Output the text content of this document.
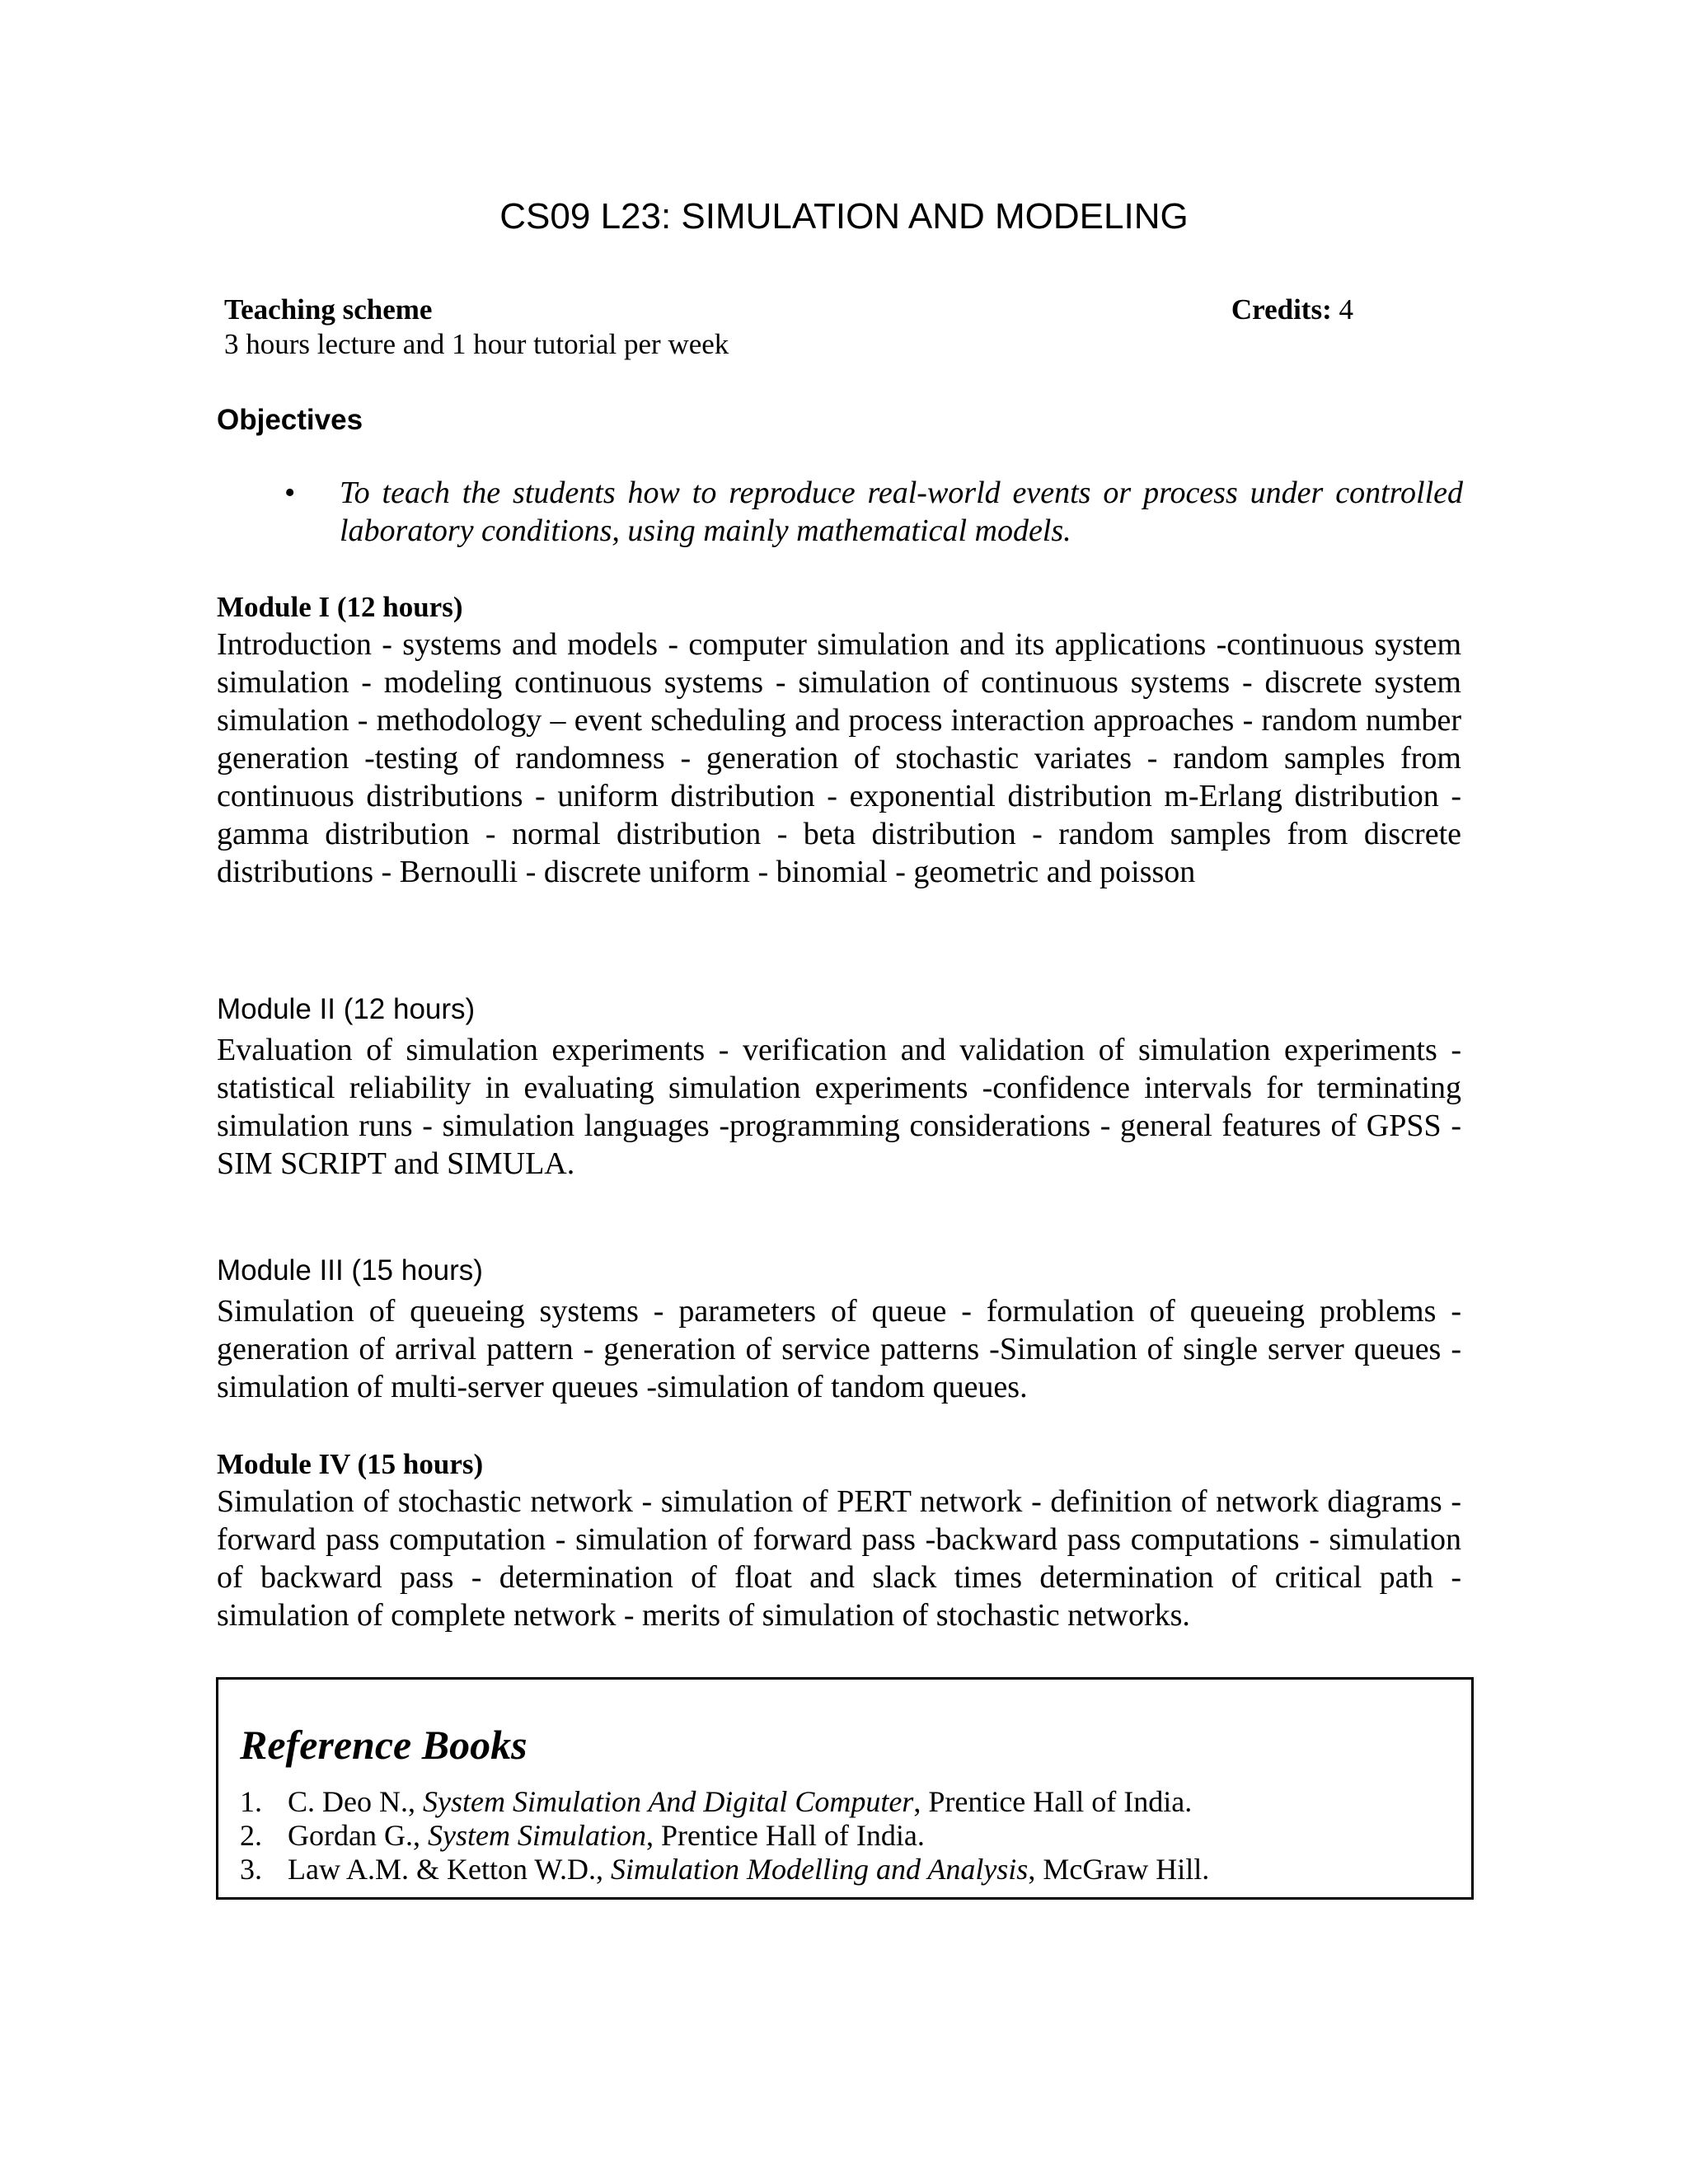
CS09 L23: SIMULATION AND MODELING
Teaching scheme	Credits: 4
3 hours lecture and 1 hour tutorial per week
Objectives
• To teach the students how to reproduce real-world events or process under controlled laboratory conditions, using mainly mathematical models.
Module I (12 hours)

Introduction - systems and models - computer simulation and its applications -continuous system simulation - modeling continuous systems - simulation of continuous systems - discrete system simulation - methodology – event scheduling and process interaction approaches - random number generation -testing of randomness - generation of stochastic variates - random samples from continuous distributions - uniform distribution - exponential distribution m-Erlang distribution - gamma distribution - normal distribution - beta distribution - random samples from discrete distributions - Bernoulli - discrete uniform - binomial - geometric and poisson

Module II (12 hours)

Evaluation of simulation experiments - verification and validation of simulation experiments - statistical reliability in evaluating simulation experiments -confidence intervals for terminating simulation runs - simulation languages -programming considerations - general features of GPSS - SIM SCRIPT and SIMULA.

Module III (15 hours)

Simulation of queueing systems - parameters of queue - formulation of queueing problems - generation of arrival pattern - generation of service patterns -Simulation of single server queues - simulation of multi-server queues -simulation of tandom queues.

Module IV (15 hours)

Simulation of stochastic network - simulation of PERT network - definition of network diagrams - forward pass computation - simulation of forward pass -backward pass computations - simulation of backward pass - determination of float and slack times determination of critical path - simulation of complete network - merits of simulation of stochastic networks.

Reference Books
1. C. Deo N., System Simulation And Digital Computer, Prentice Hall of India.
2. Gordan G., System Simulation, Prentice Hall of India.
3. Law A.M. & Ketton W.D., Simulation Modelling and Analysis, McGraw Hill.
